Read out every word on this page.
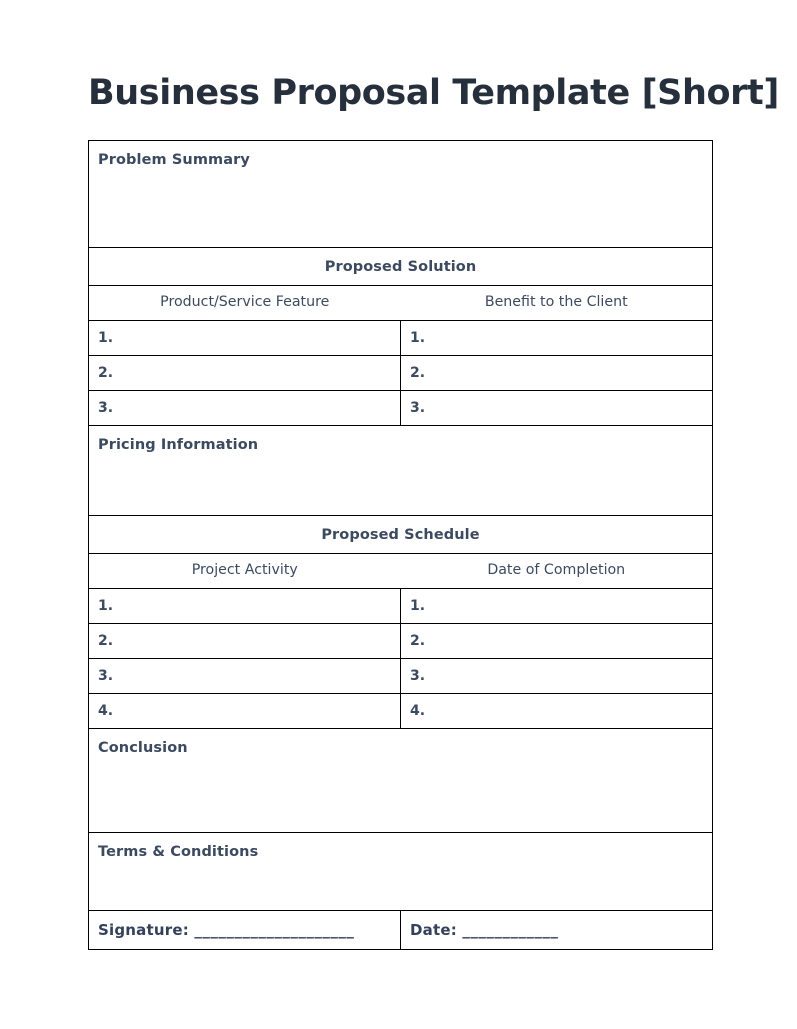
Business Proposal Template [Short]
Problem Summary	

Proposed Solution	

Product/Service Feature	Benefit to the Client

1.	1.

2.	2.

3.	3.

Pricing Information	

Proposed Schedule	

Project Activity	Date of Completion

1.	1.

2.	2.

3.	3.

4.	4.

Conclusion	

Terms & Conditions	

Signature: ____________________	Date: ____________
